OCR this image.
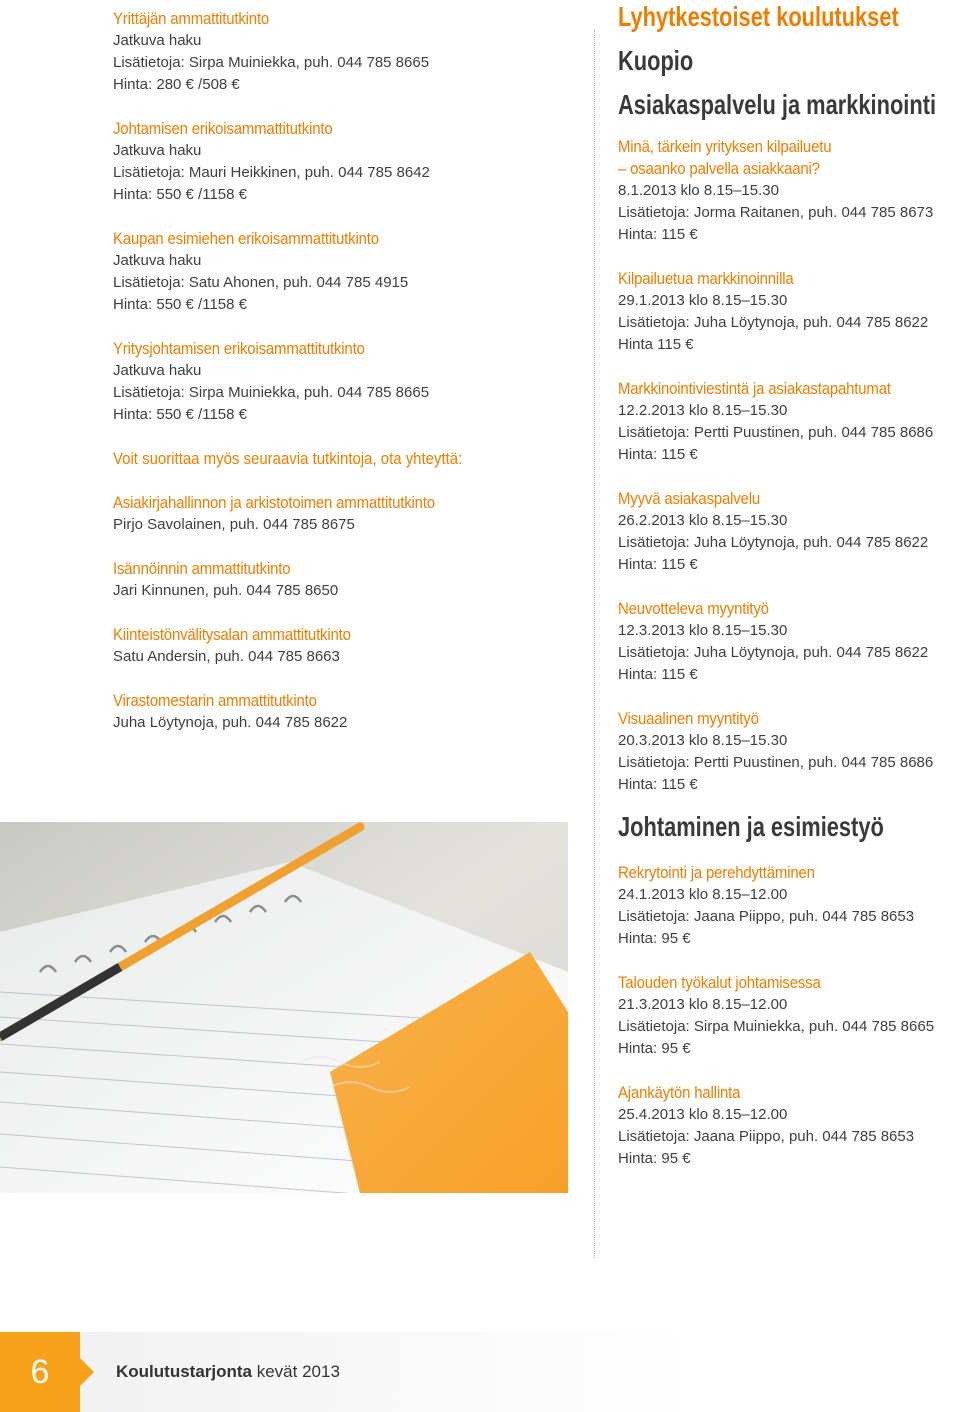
Yrittäjän ammattitutkinto

Jatkuva haku

Lisätietoja: Sirpa Muiniekka, puh. 044 785 8665

Hinta: 280 € /508 €

Johtamisen erikoisammattitutkinto

Jatkuva haku

Lisätietoja: Mauri Heikkinen, puh. 044 785 8642

Hinta: 550 € /1158 €

Kaupan esimiehen erikoisammattitutkinto

Jatkuva haku

Lisätietoja: Satu Ahonen, puh. 044 785 4915

Hinta: 550 € /1158 €

Yritysjohtamisen erikoisammattitutkinto

Jatkuva haku

Lisätietoja: Sirpa Muiniekka, puh. 044 785 8665

Hinta: 550 € /1158 €

Voit suorittaa myös seuraavia tutkintoja, ota yhteyttä:

Asiakirjahallinnon ja arkistotoimen ammattitutkinto

Pirjo Savolainen, puh. 044 785 8675

Isännöinnin ammattitutkinto

Jari Kinnunen, puh. 044 785 8650

Kiinteistönvälitysalan ammattitutkinto

Satu Andersin, puh. 044 785 8663

Virastomestarin ammattitutkinto

Juha Löytynoja, puh. 044 785 8622

Lyhytkestoiset koulutukset

Kuopio

Asiakaspalvelu ja markkinointi

Minä, tärkein yrityksen kilpailuetu

– osaanko palvella asiakkaani?

8.1.2013 klo 8.15–15.30

Lisätietoja: Jorma Raitanen, puh. 044 785 8673

Hinta: 115 €

Kilpailuetua markkinoinnilla

29.1.2013 klo 8.15–15.30

Lisätietoja: Juha Löytynoja, puh. 044 785 8622

Hinta 115 €

Markkinointiviestintä ja asiakastapahtumat

12.2.2013 klo 8.15–15.30

Lisätietoja: Pertti Puustinen, puh. 044 785 8686

Hinta: 115 €

Myyvä asiakaspalvelu

26.2.2013 klo 8.15–15.30

Lisätietoja: Juha Löytynoja, puh. 044 785 8622

Hinta: 115 €

Neuvotteleva myyntityö

12.3.2013 klo 8.15–15.30

Lisätietoja: Juha Löytynoja, puh. 044 785 8622

Hinta: 115 €

Visuaalinen myyntityö

20.3.2013 klo 8.15–15.30

Lisätietoja: Pertti Puustinen, puh. 044 785 8686

Hinta: 115 €

Johtaminen ja esimiestyö

Rekrytointi ja perehdyttäminen

24.1.2013 klo 8.15–12.00

Lisätietoja: Jaana Piippo, puh. 044 785 8653

Hinta: 95 €

Talouden työkalut johtamisessa

21.3.2013 klo 8.15–12.00

Lisätietoja: Sirpa Muiniekka, puh. 044 785 8665

Hinta: 95 €

Ajankäytön hallinta

25.4.2013 klo 8.15–12.00

Lisätietoja: Jaana Piippo, puh. 044 785 8653

Hinta: 95 €

6	Koulutustarjonta kevät 2013
